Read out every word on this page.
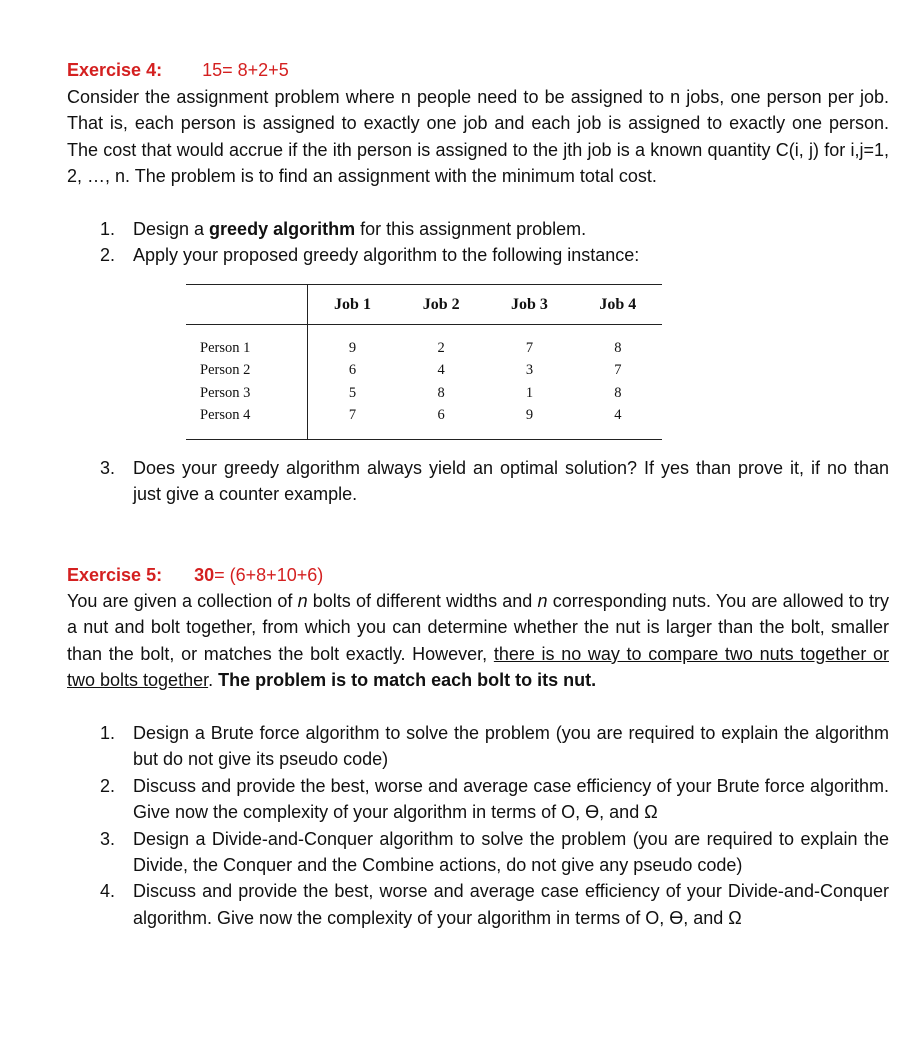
Exercise 4: 15= 8+2+5
Consider the assignment problem where n people need to be assigned to n jobs, one person per job. That is, each person is assigned to exactly one job and each job is assigned to exactly one person. The cost that would accrue if the ith person is assigned to the jth job is a known quantity C(i, j) for i,j=1, 2, …, n. The problem is to find an assignment with the minimum total cost.
1. Design a greedy algorithm for this assignment problem.
2. Apply your proposed greedy algorithm to the following instance:
	Job 1	Job 2	Job 3	Job 4
Person 1	9	2	7	8
Person 2	6	4	3	7
Person 3	5	8	1	8
Person 4	7	6	9	4
3. Does your greedy algorithm always yield an optimal solution? If yes than prove it, if no than just give a counter example.
Exercise 5: 30= (6+8+10+6)
You are given a collection of n bolts of different widths and n corresponding nuts. You are allowed to try a nut and bolt together, from which you can determine whether the nut is larger than the bolt, smaller than the bolt, or matches the bolt exactly. However, there is no way to compare two nuts together or two bolts together. The problem is to match each bolt to its nut.
1. Design a Brute force algorithm to solve the problem (you are required to explain the algorithm but do not give its pseudo code)
2. Discuss and provide the best, worse and average case efficiency of your Brute force algorithm. Give now the complexity of your algorithm in terms of O, ϴ, and Ω
3. Design a Divide-and-Conquer algorithm to solve the problem (you are required to explain the Divide, the Conquer and the Combine actions, do not give any pseudo code)
4. Discuss and provide the best, worse and average case efficiency of your Divide-and-Conquer algorithm. Give now the complexity of your algorithm in terms of O, ϴ, and Ω
